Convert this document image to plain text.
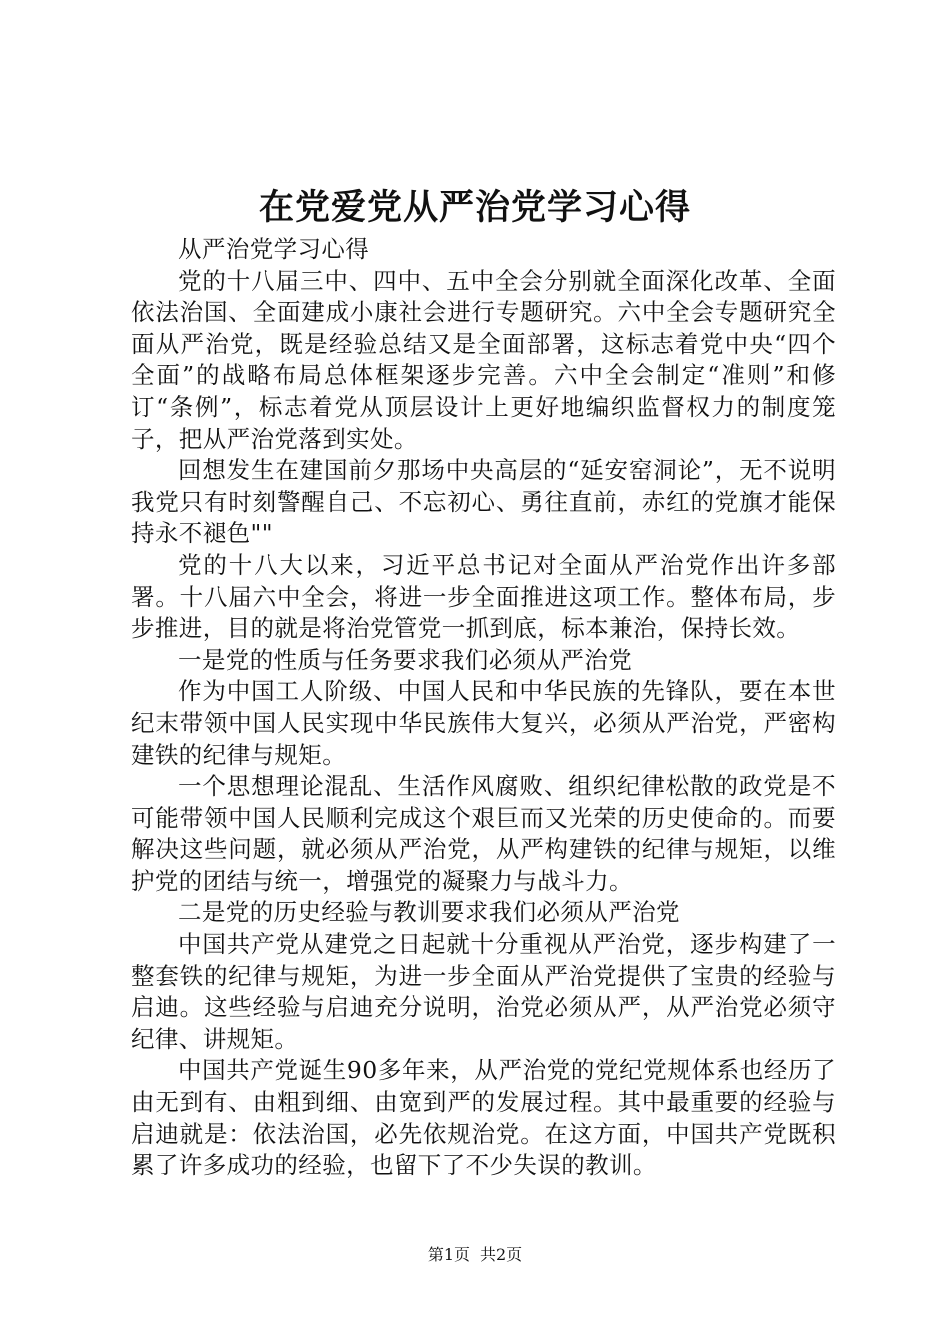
在党爱党从严治党学习心得

从严治党学习心得

党的十八届三中、四中、五中全会分别就全面深化改革、全面依法治国、全面建成小康社会进行专题研究。六中全会专题研究全面从严治党，既是经验总结又是全面部署，这标志着党中央“四个全面”的战略布局总体框架逐步完善。六中全会制定“准则”和修订“条例”，标志着党从顶层设计上更好地编织监督权力的制度笼子，把从严治党落到实处。

回想发生在建国前夕那场中央高层的“延安窑洞论”，无不说明我党只有时刻警醒自己、不忘初心、勇往直前，赤红的党旗才能保持永不褪色""

党的十八大以来，习近平总书记对全面从严治党作出许多部署。十八届六中全会，将进一步全面推进这项工作。整体布局，步步推进，目的就是将治党管党一抓到底，标本兼治，保持长效。

一是党的性质与任务要求我们必须从严治党

作为中国工人阶级、中国人民和中华民族的先锋队，要在本世纪末带领中国人民实现中华民族伟大复兴，必须从严治党，严密构建铁的纪律与规矩。

一个思想理论混乱、生活作风腐败、组织纪律松散的政党是不可能带领中国人民顺利完成这个艰巨而又光荣的历史使命的。而要解决这些问题，就必须从严治党，从严构建铁的纪律与规矩，以维护党的团结与统一，增强党的凝聚力与战斗力。

二是党的历史经验与教训要求我们必须从严治党

中国共产党从建党之日起就十分重视从严治党，逐步构建了一整套铁的纪律与规矩，为进一步全面从严治党提供了宝贵的经验与启迪。这些经验与启迪充分说明，治党必须从严，从严治党必须守纪律、讲规矩。

中国共产党诞生90多年来，从严治党的党纪党规体系也经历了由无到有、由粗到细、由宽到严的发展过程。其中最重要的经验与启迪就是：依法治国，必先依规治党。在这方面，中国共产党既积累了许多成功的经验，也留下了不少失误的教训。

第1页 共2页
